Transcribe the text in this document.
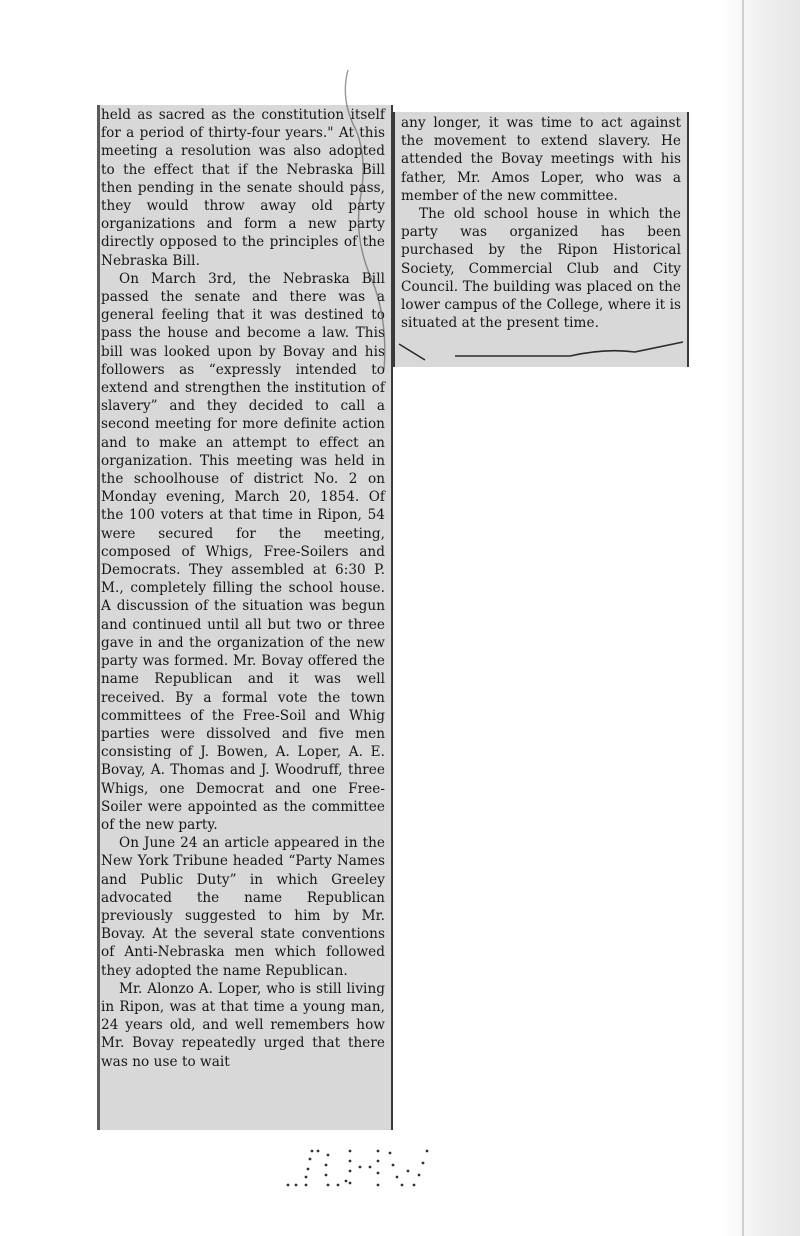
held as sacred as the constitution itself for a period of thirty-four years." At this meeting a resolution was also adopted to the effect that if the Nebraska Bill then pending in the senate should pass, they would throw away old party organizations and form a new party directly opposed to the principles of the Nebraska Bill.

On March 3rd, the Nebraska Bill passed the senate and there was a general feeling that it was destined to pass the house and become a law. This bill was looked upon by Bovay and his followers as “expressly intended to extend and strengthen the institution of slavery” and they decided to call a second meeting for more definite action and to make an attempt to effect an organization. This meeting was held in the schoolhouse of district No. 2 on Monday evening, March 20, 1854. Of the 100 voters at that time in Ripon, 54 were secured for the meeting, composed of Whigs, Free-Soilers and Democrats. They assembled at 6:30 P. M., completely filling the school house. A discussion of the situation was begun and continued until all but two or three gave in and the organization of the new party was formed. Mr. Bovay offered the name Republican and it was well received. By a formal vote the town committees of the Free-Soil and Whig parties were dissolved and five men consisting of J. Bowen, A. Loper, A. E. Bovay, A. Thomas and J. Woodruff, three Whigs, one Democrat and one Free-Soiler were appointed as the committee of the new party.

On June 24 an article appeared in the New York Tribune headed “Party Names and Public Duty” in which Greeley advocated the name Republican previously suggested to him by Mr. Bovay. At the several state conventions of Anti-Nebraska men which followed they adopted the name Republican.

Mr. Alonzo A. Loper, who is still living in Ripon, was at that time a young man, 24 years old, and well remembers how Mr. Bovay repeatedly urged that there was no use to wait

any longer, it was time to act against the movement to extend slavery. He attended the Bovay meetings with his father, Mr. Amos Loper, who was a member of the new committee.

The old school house in which the party was organized has been purchased by the Ripon Historical Society, Commercial Club and City Council. The building was placed on the lower campus of the College, where it is situated at the present time.
